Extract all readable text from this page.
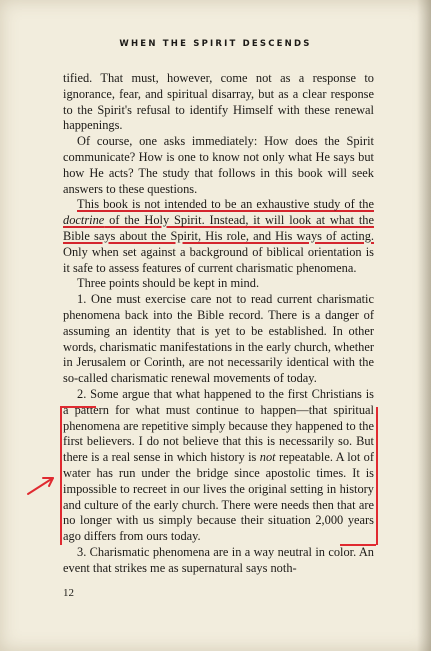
WHEN THE SPIRIT DESCENDS

tified. That must, however, come not as a response to ignorance, fear, and spiritual disarray, but as a clear response to the Spirit's refusal to identify Himself with these renewal happenings.

Of course, one asks immediately: How does the Spirit communicate? How is one to know not only what He says but how He acts? The study that follows in this book will seek answers to these questions.

This book is not intended to be an exhaustive study of the doctrine of the Holy Spirit. Instead, it will look at what the Bible says about the Spirit, His role, and His ways of acting. Only when set against a background of biblical orientation is it safe to assess features of current charismatic phenomena.

Three points should be kept in mind.

1. One must exercise care not to read current charismatic phenomena back into the Bible record. There is a danger of assuming an identity that is yet to be established. In other words, charismatic manifestations in the early church, whether in Jerusalem or Corinth, are not necessarily identical with the so-called charismatic renewal movements of today.

2. Some argue that what happened to the first Christians is a pattern for what must continue to happen—that spiritual phenomena are repetitive simply because they happened to the first believers. I do not believe that this is necessarily so. But there is a real sense in which history is not repeatable. A lot of water has run under the bridge since apostolic times. It is impossible to recreet in our lives the original setting in history and culture of the early church. There were needs then that are no longer with us simply because their situation 2,000 years ago differs from ours today.

3. Charismatic phenomena are in a way neutral in color. An event that strikes me as supernatural says noth-

12
